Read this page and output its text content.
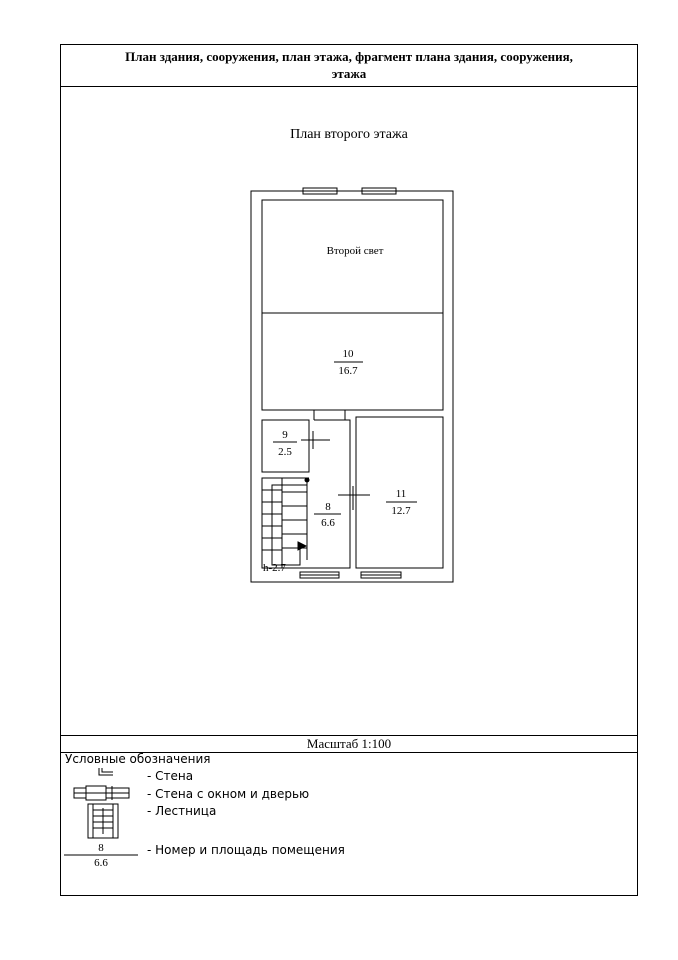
План здания, сооружения, план этажа, фрагмент плана здания, сооружения,
этажа
План второго этажа
Масштаб 1:100
Второй свет
10
16.7
9
2.5
8
6.6
11
12.7
h-2.7
8
6.6
Условные обозначения
- Стена
- Стена с окном и дверью
- Лестница
- Номер и площадь помещения
